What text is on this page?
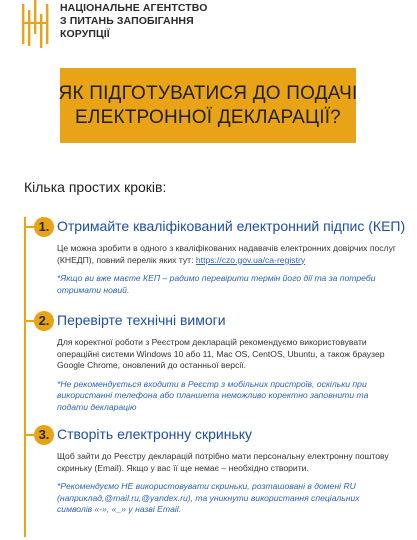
НАЦІОНАЛЬНЕ АГЕНТСТВО
З ПИТАНЬ ЗАПОБІГАННЯ
КОРУПЦІЇ
ЯК ПІДГОТУВАТИСЯ ДО ПОДАЧІ
ЕЛЕКТРОННОЇ ДЕКЛАРАЦІЇ?
Кілька простих кроків:
1. Отримайте кваліфікований електронний підпис (КЕП)

Це можна зробити в одного з кваліфікованих надавачів електронних довірчих послуг (КНЕДП), повний перелік яких тут: https://czo.gov.ua/ca-registry

*Якщо ви вже маєте КЕП – радимо перевірити термін його дії та за потреби отримати новий.

2. Перевірте технічні вимоги

Для коректної роботи з Реєстром декларацій рекомендуємо використовувати операційні системи Windows 10 або 11, Mac OS, CentOS, Ubuntu, а також браузер Google Chrome, оновлений до останньої версії.

*Не рекомендується входити в Реєстр з мобільних пристроїв, оскільки при використанні телефона або планшета неможливо коректно заповнити та подати декларацію

3. Створіть електронну скриньку

Щоб зайти до Реєстру декларацій потрібно мати персональну електронну поштову скриньку (Email). Якщо у вас її ще немає – необхідно створити.

*Рекомендуємо НЕ використовувати скриньки, розташовані в домені RU (наприклад,@mail.ru,@yandex.ru), та уникнути використання спеціальних символів «-», «_» у назві Email.
